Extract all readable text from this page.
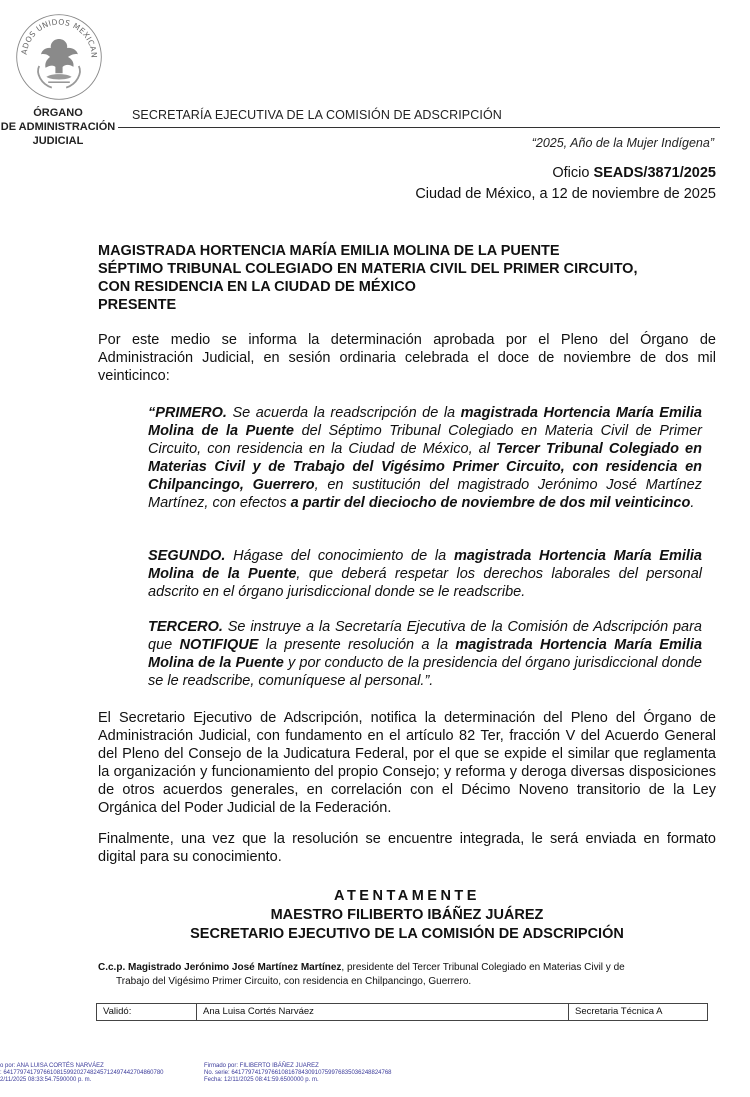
ADOS UNIDOS MEXICAN
ÓRGANO
DE ADMINISTRACIÓN
JUDICIAL
SECRETARÍA EJECUTIVA DE LA COMISIÓN DE ADSCRIPCIÓN
“2025, Año de la Mujer Indígena”
Oficio SEADS/3871/2025
Ciudad de México, a 12 de noviembre de 2025
MAGISTRADA HORTENCIA MARÍA EMILIA MOLINA DE LA PUENTE
SÉPTIMO TRIBUNAL COLEGIADO EN MATERIA CIVIL DEL PRIMER CIRCUITO,
CON RESIDENCIA EN LA CIUDAD DE MÉXICO
PRESENTE

Por este medio se informa la determinación aprobada por el Pleno del Órgano de Administración Judicial, en sesión ordinaria celebrada el doce de noviembre de dos mil veinticinco:

“PRIMERO. Se acuerda la readscripción de la magistrada Hortencia María Emilia Molina de la Puente del Séptimo Tribunal Colegiado en Materia Civil de Primer Circuito, con residencia en la Ciudad de México, al Tercer Tribunal Colegiado en Materias Civil y de Trabajo del Vigésimo Primer Circuito, con residencia en Chilpancingo, Guerrero, en sustitución del magistrado Jerónimo José Martínez Martínez, con efectos a partir del dieciocho de noviembre de dos mil veinticinco.

SEGUNDO. Hágase del conocimiento de la magistrada Hortencia María Emilia Molina de la Puente, que deberá respetar los derechos laborales del personal adscrito en el órgano jurisdiccional donde se le readscribe.

TERCERO. Se instruye a la Secretaría Ejecutiva de la Comisión de Adscripción para que NOTIFIQUE la presente resolución a la magistrada Hortencia María Emilia Molina de la Puente y por conducto de la presidencia del órgano jurisdiccional donde se le readscribe, comuníquese al personal.”.

El Secretario Ejecutivo de Adscripción, notifica la determinación del Pleno del Órgano de Administración Judicial, con fundamento en el artículo 82 Ter, fracción V del Acuerdo General del Pleno del Consejo de la Judicatura Federal, por el que se expide el similar que reglamenta la organización y funcionamiento del propio Consejo; y reforma y deroga diversas disposiciones de otros acuerdos generales, en correlación con el Décimo Noveno transitorio de la Ley Orgánica del Poder Judicial de la Federación.

Finalmente, una vez que la resolución se encuentre integrada, le será enviada en formato digital para su conocimiento.

ATENTAMENTE
MAESTRO FILIBERTO IBÁÑEZ JUÁREZ
SECRETARIO EJECUTIVO DE LA COMISIÓN DE ADSCRIPCIÓN
C.c.p. Magistrado Jerónimo José Martínez Martínez, presidente del Tercer Tribunal Colegiado en Materias Civil y de
Trabajo del Vigésimo Primer Circuito, con residencia en Chilpancingo, Guerrero.
Validó:	Ana Luisa Cortés Narváez	Secretaria Técnica A
o por: ANA LUISA CORTÉS NARVÁEZ
: 641779741797661081599202748245712497442704860780
2/11/2025 08:33:54.7590000 p. m.
Firmado por: FILIBERTO IBÁÑEZ JUAREZ
No. serie: 641779741797661081678430910759976835036248824768
Fecha: 12/11/2025 08:41:59.6500000 p. m.
